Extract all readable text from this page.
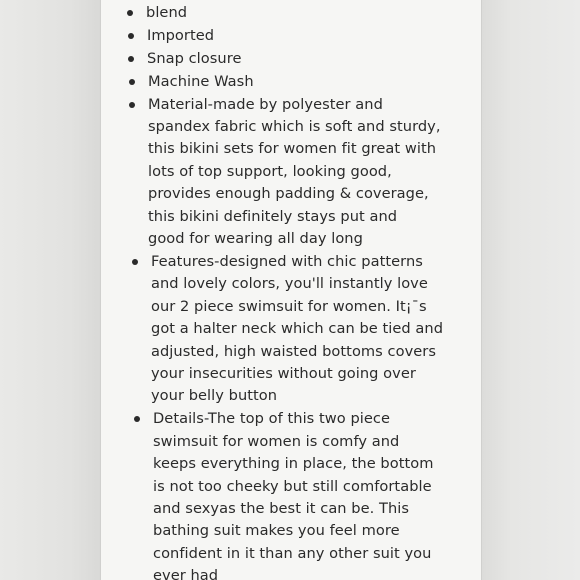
blend
Imported
Snap closure
Machine Wash
Material-made by polyester and
spandex fabric which is soft and sturdy,
this bikini sets for women fit great with
lots of top support, looking good,
provides enough padding & coverage,
this bikini definitely stays put and
good for wearing all day long
Features-designed with chic patterns
and lovely colors, you'll instantly love
our 2 piece swimsuit for women. It¡¯s
got a halter neck which can be tied and
adjusted, high waisted bottoms covers
your insecurities without going over
your belly button
Details-The top of this two piece
swimsuit for women is comfy and
keeps everything in place, the bottom
is not too cheeky but still comfortable
and sexyas the best it can be. This
bathing suit makes you feel more
confident in it than any other suit you
ever had
